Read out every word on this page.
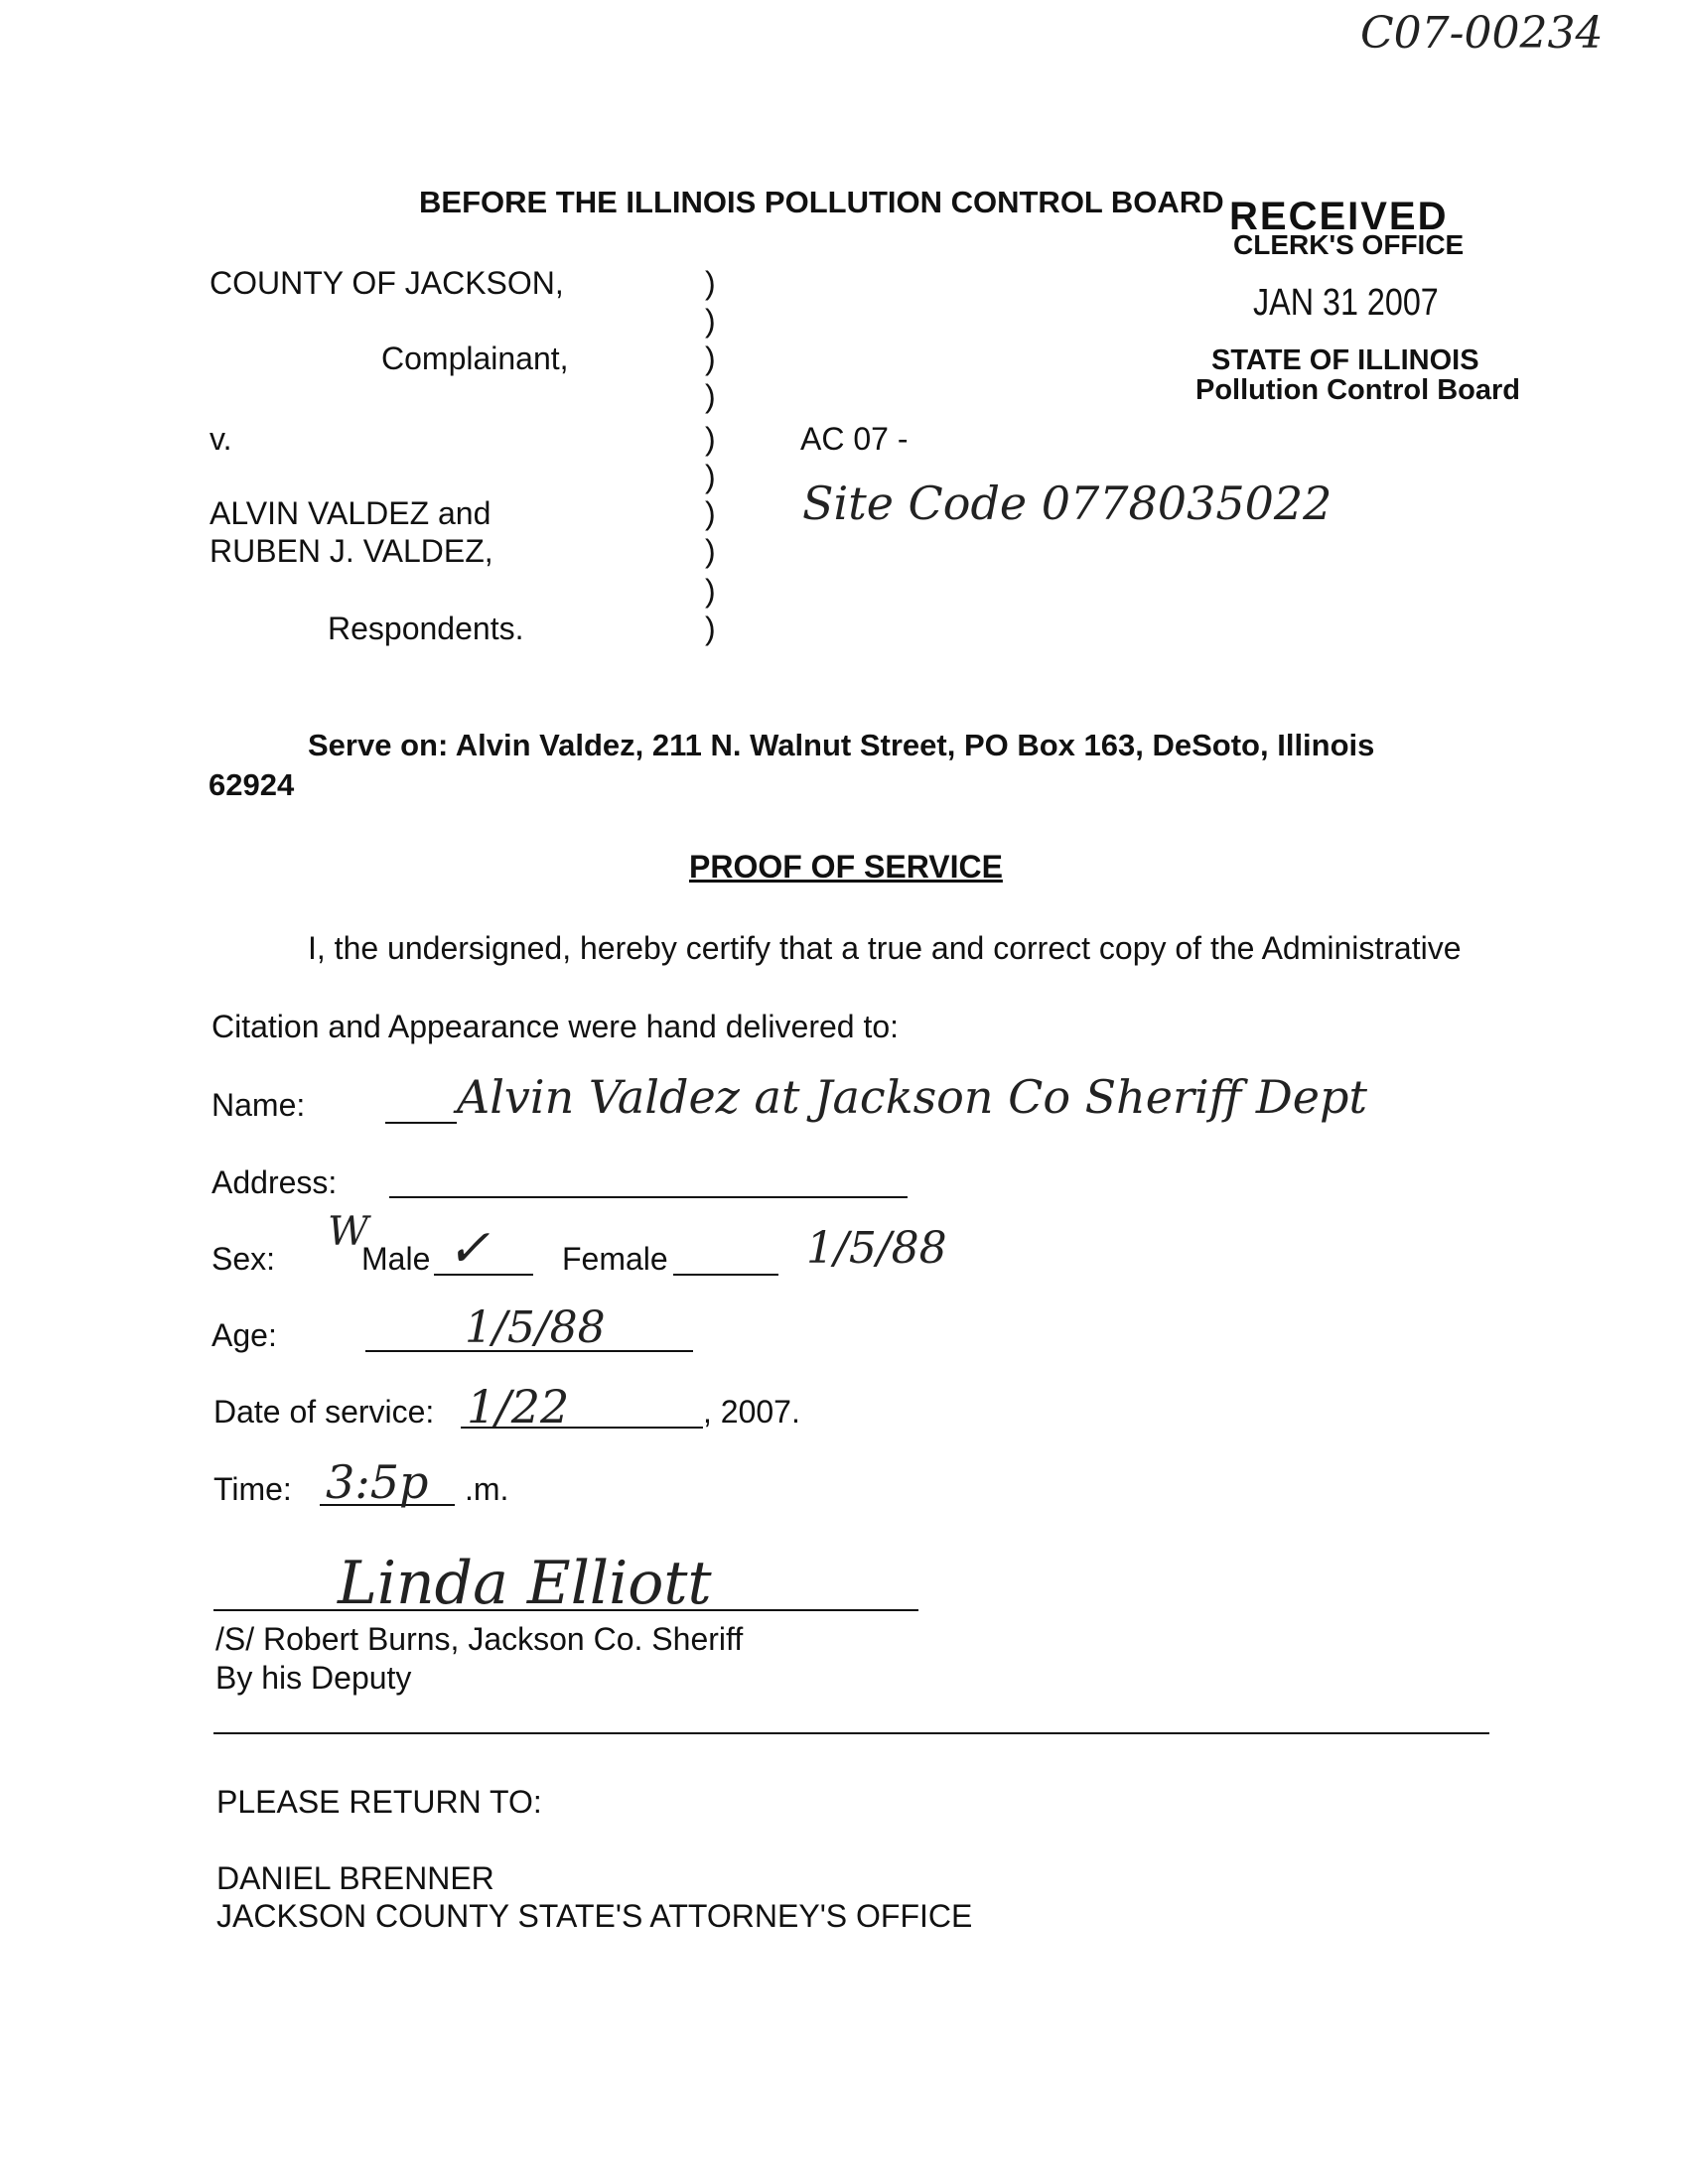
C07-00234
BEFORE THE ILLINOIS POLLUTION CONTROL BOARD RECEIVED
CLERK'S OFFICE
JAN 31 2007
STATE OF ILLINOIS
Pollution Control Board
COUNTY OF JACKSON,
Complainant,
v.
ALVIN VALDEZ and
RUBEN J. VALDEZ,
Respondents.
)
)
)
)
)
)
)
)
)
)
AC 07 -
Site Code 0778035022
Serve on: Alvin Valdez, 211 N. Walnut Street, PO Box 163, DeSoto, Illinois
62924
PROOF OF SERVICE
I, the undersigned, hereby certify that a true and correct copy of the Administrative
Citation and Appearance were hand delivered to:
Name:	Alvin Valdez at Jackson Co Sheriff Dept
Address:
W
Sex:	Male ✓ Female	1/5/88
Age:	1/5/88
Date of service: 1/22	, 2007.
Time: 3:5p .m.
Linda Elliott
/S/ Robert Burns, Jackson Co. Sheriff
By his Deputy
PLEASE RETURN TO:
DANIEL BRENNER
JACKSON COUNTY STATE'S ATTORNEY'S OFFICE
